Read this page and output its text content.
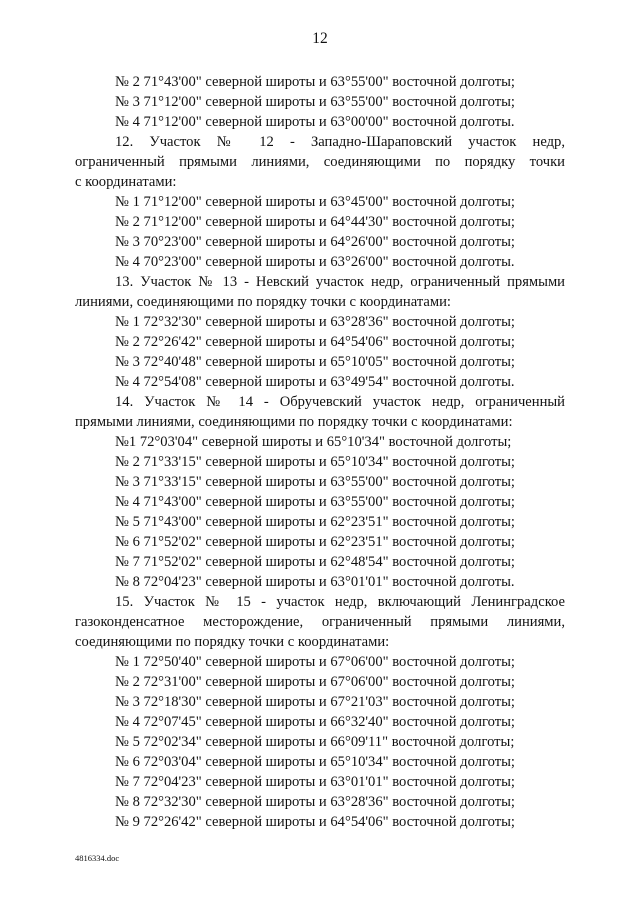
12
№ 2 71°43'00" северной широты и 63°55'00" восточной долготы;
№ 3 71°12'00" северной широты и 63°55'00" восточной долготы;
№ 4 71°12'00" северной широты и 63°00'00" восточной долготы.
12. Участок № 12 - Западно-Шараповский участок недр,
ограниченный прямыми линиями, соединяющими по порядку точки
с координатами:
№ 1 71°12'00" северной широты и 63°45'00" восточной долготы;
№ 2 71°12'00" северной широты и 64°44'30" восточной долготы;
№ 3 70°23'00" северной широты и 64°26'00" восточной долготы;
№ 4 70°23'00" северной широты и 63°26'00" восточной долготы.
13. Участок № 13 - Невский участок недр, ограниченный прямыми
линиями, соединяющими по порядку точки с координатами:
№ 1 72°32'30" северной широты и 63°28'36" восточной долготы;
№ 2 72°26'42" северной широты и 64°54'06" восточной долготы;
№ 3 72°40'48" северной широты и 65°10'05" восточной долготы;
№ 4 72°54'08" северной широты и 63°49'54" восточной долготы.
14. Участок № 14 - Обручевский участок недр, ограниченный
прямыми линиями, соединяющими по порядку точки с координатами:
№1 72°03'04" северной широты и 65°10'34" восточной долготы;
№ 2 71°33'15" северной широты и 65°10'34" восточной долготы;
№ 3 71°33'15" северной широты и 63°55'00" восточной долготы;
№ 4 71°43'00" северной широты и 63°55'00" восточной долготы;
№ 5 71°43'00" северной широты и 62°23'51" восточной долготы;
№ 6 71°52'02" северной широты и 62°23'51" восточной долготы;
№ 7 71°52'02" северной широты и 62°48'54" восточной долготы;
№ 8 72°04'23" северной широты и 63°01'01" восточной долготы.
15. Участок № 15 - участок недр, включающий Ленинградское
газоконденсатное месторождение, ограниченный прямыми линиями,
соединяющими по порядку точки с координатами:
№ 1 72°50'40" северной широты и 67°06'00" восточной долготы;
№ 2 72°31'00" северной широты и 67°06'00" восточной долготы;
№ 3 72°18'30" северной широты и 67°21'03" восточной долготы;
№ 4 72°07'45" северной широты и 66°32'40" восточной долготы;
№ 5 72°02'34" северной широты и 66°09'11" восточной долготы;
№ 6 72°03'04" северной широты и 65°10'34" восточной долготы;
№ 7 72°04'23" северной широты и 63°01'01" восточной долготы;
№ 8 72°32'30" северной широты и 63°28'36" восточной долготы;
№ 9 72°26'42" северной широты и 64°54'06" восточной долготы;
4816334.doc
